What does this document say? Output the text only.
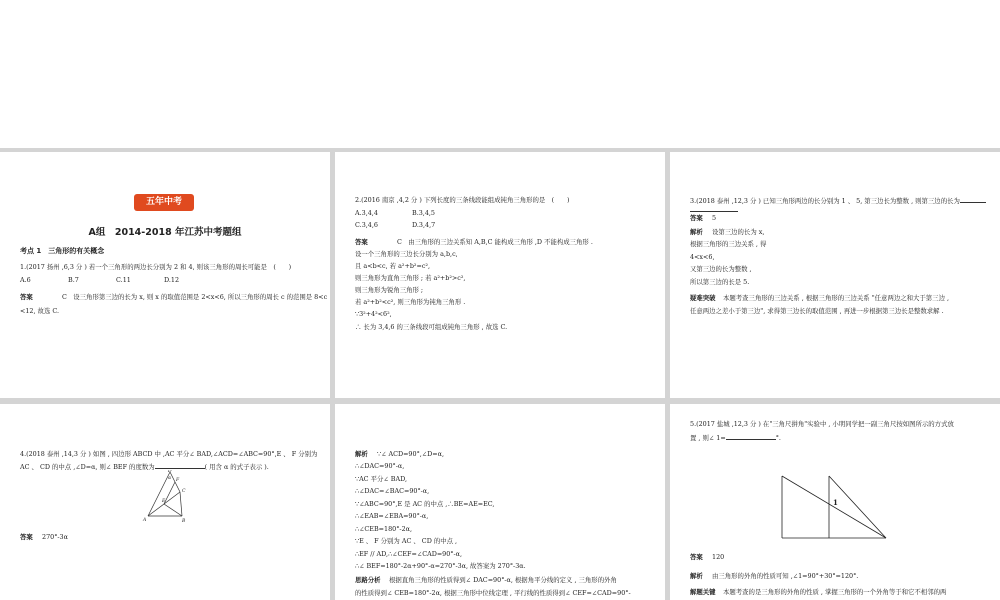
五年中考
A组　2014-2018 年江苏中考题组
考点 1　三角形的有关概念
1.(2017 扬州 ,6,3 分 ) 若一个三角形的两边长分别为 2 和 4, 则该三角形的周长可能是　(　　)
A.6	B.7	C.11	D.12
答案	C　设三角形第三边的长为 x, 则 x 的取值范围是 2<x<6, 所以三角形的周长 c 的范围是 8<c
<12, 故选 C.
2.(2016 南京 ,4,2 分 ) 下列长度的三条线段能组成钝角三角形的是　(　　)
A.3,4,4	B.3,4,5
C.3,4,6	D.3,4,7
答案	C　由三角形的三边关系知 A,B,C 能构成三角形 ,D 不能构成三角形 .
设一个三角形的三边长分别为 a,b,c,
且 a<b<c, 若 a²+b²=c²,
则三角形为直角三角形 ; 若 a²+b²>c²,
则三角形为锐角三角形 ;
若 a²+b²<c², 则三角形为钝角三角形 .
∵3²+4²<6²,
∴ 长为 3,4,6 的三条线段可组成钝角三角形 , 故选 C.
3.(2018 泰州 ,12,3 分 ) 已知三角形两边的长分别为 1 、 5, 第三边长为整数 , 则第三边的长为
答案 5
解析 设第三边的长为 x,
根据三角形的三边关系 , 得
4<x<6,
又第三边的长为整数 ,
所以第三边的长是 5.
疑难突破 本题考查三角形的三边关系 , 根据三角形的三边关系 "任意两边之和大于第三边 ,
任意两边之差小于第三边", 求得第三边长的取值范围 , 再进一步根据第三边长是整数求解 .
4.(2018 泰州 ,14,3 分 ) 如图 , 四边形 ABCD 中 ,AC 平分∠ BAD,∠ACD=∠ABC=90°,E 、 F 分别为
AC 、 CD 的中点 ,∠D=α, 则∠ BEF 的度数为	( 用含 α 的式子表示 ).
D
F
C
α
E
A	B
答案 270°-3α
解析 ∵∠ ACD=90°,∠D=α,
∴∠DAC=90°-α,
∵AC 平分∠ BAD,
∴∠DAC=∠BAC=90°-α,
∵∠ABC=90°,E 是 AC 的中点 ,∴BE=AE=EC,
∴∠EAB=∠EBA=90°-α,
∴∠CEB=180°-2α,
∵E 、 F 分别为 AC 、 CD 的中点 ,
∴EF // AD,∴∠CEF=∠CAD=90°-α,
∴∠ BEF=180°-2α+90°-α=270°-3α, 故答案为 270°-3α.
思路分析 根据直角三角形的性质得到∠ DAC=90°-α, 根据角平分线的定义 , 三角形的外角
的性质得到∠ CEB=180°-2α, 根据三角形中位线定理 , 平行线的性质得到∠ CEF=∠CAD=90°-
5.(2017 盐城 ,12,3 分 ) 在"三角尺拼角"实验中 , 小明同学把一副三角尺按如图所示的方式放
置 , 则∠ 1=	°.
1
答案 120
解析 由三角形的外角的性质可知 ,∠1=90°+30°=120°.
解题关键 本题考查的是三角形的外角的性质 , 掌握三角形的一个外角等于和它不相邻的两
